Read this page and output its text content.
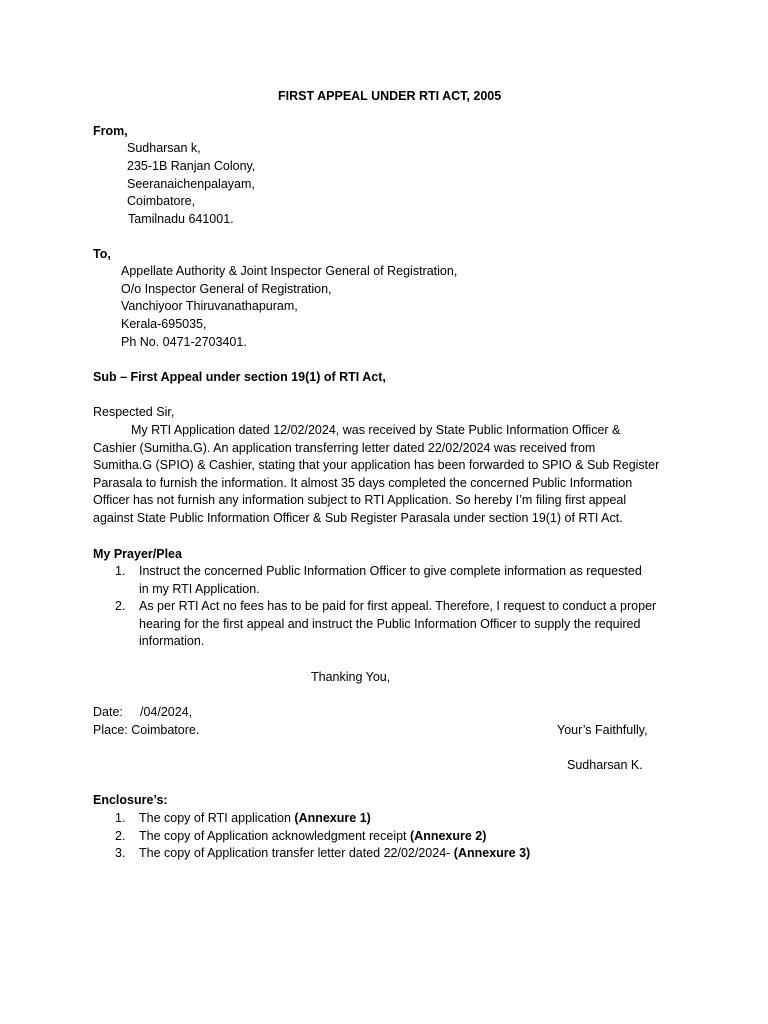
FIRST APPEAL UNDER RTI ACT, 2005
From,
Sudharsan k,
235-1B Ranjan Colony,
Seeranaichenpalayam,
Coimbatore,
Tamilnadu 641001.
To,
Appellate Authority & Joint Inspector General of Registration,
O/o Inspector General of Registration,
Vanchiyoor Thiruvanathapuram,
Kerala-695035,
Ph No. 0471-2703401.
Sub – First Appeal under section 19(1) of RTI Act,
Respected Sir,
My RTI Application dated 12/02/2024, was received by State Public Information Officer &
Cashier (Sumitha.G). An application transferring letter dated 22/02/2024 was received from
Sumitha.G (SPIO) & Cashier, stating that your application has been forwarded to SPIO & Sub Register
Parasala to furnish the information. It almost 35 days completed the concerned Public Information
Officer has not furnish any information subject to RTI Application. So hereby I’m filing first appeal
against State Public Information Officer & Sub Register Parasala under section 19(1) of RTI Act.
My Prayer/Plea
1. Instruct the concerned Public Information Officer to give complete information as requested
in my RTI Application.
2. As per RTI Act no fees has to be paid for first appeal. Therefore, I request to conduct a proper
hearing for the first appeal and instruct the Public Information Officer to supply the required
information.
Thanking You,
Date: /04/2024,
Place: Coimbatore.	Your’s Faithfully,
Sudharsan K.
Enclosure’s:
1. The copy of RTI application (Annexure 1)
2. The copy of Application acknowledgment receipt (Annexure 2)
3. The copy of Application transfer letter dated 22/02/2024- (Annexure 3)
